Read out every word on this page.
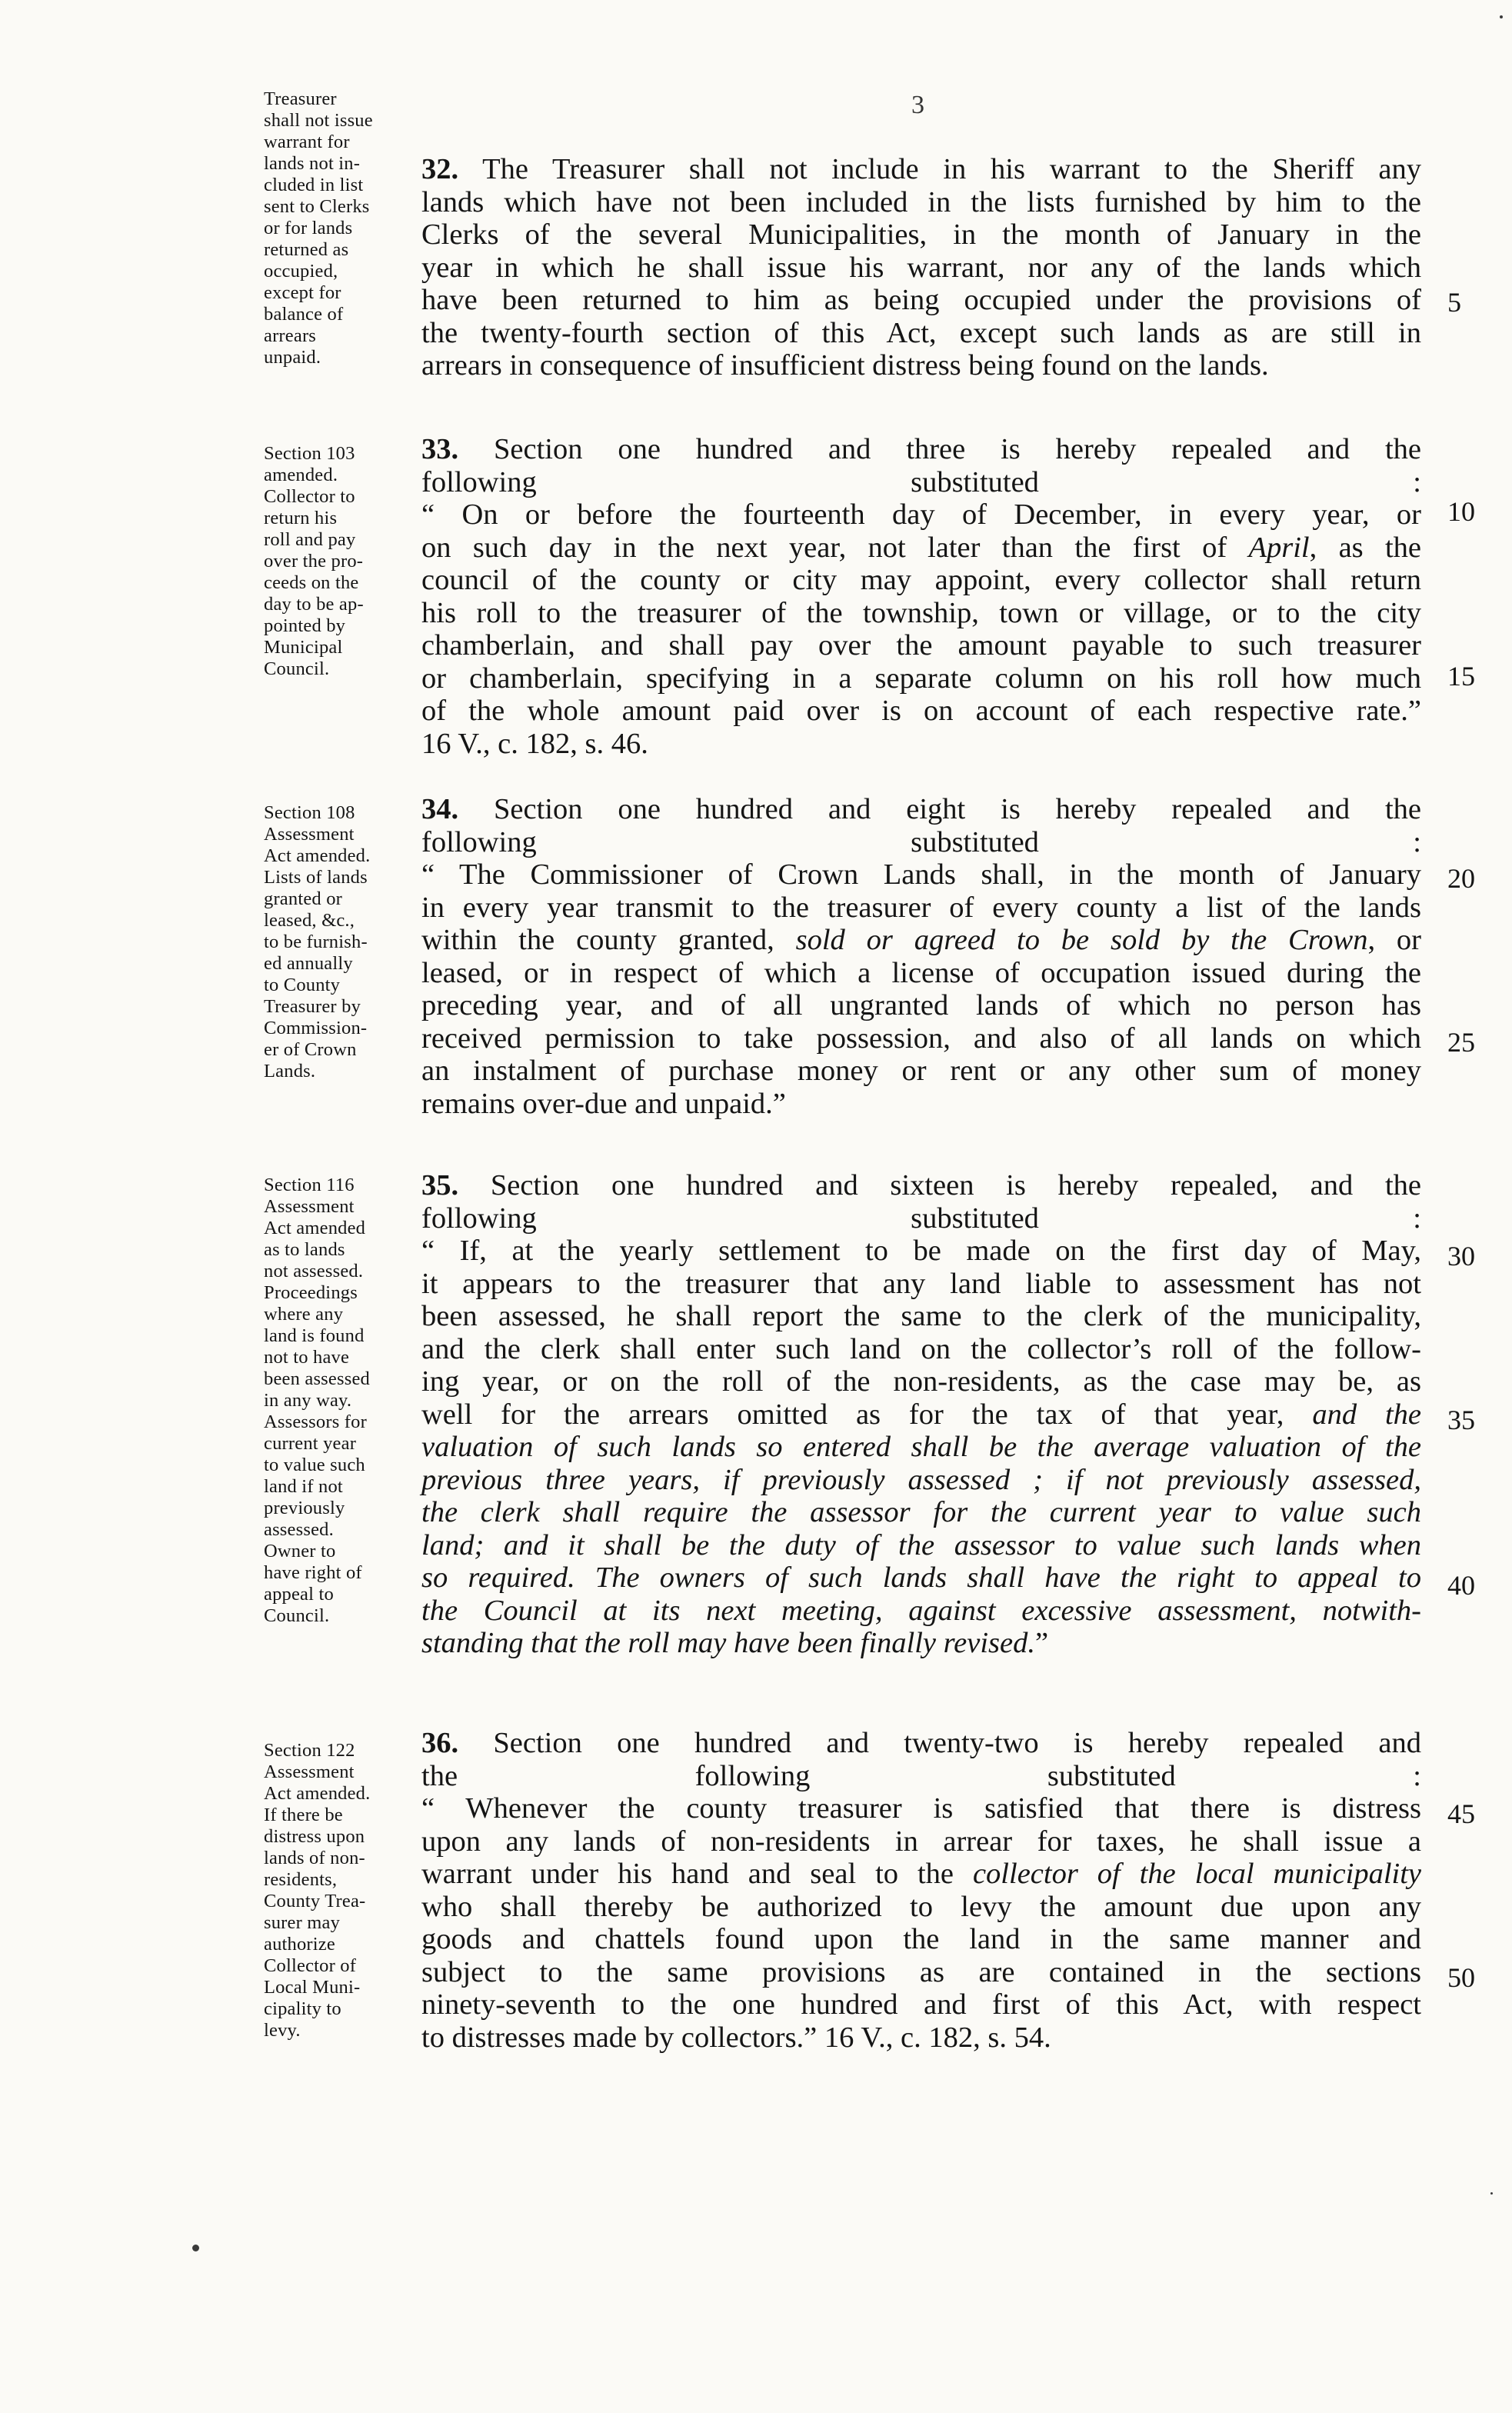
3
Treasurer
shall not issue
warrant for
lands not in-
cluded in list
sent to Clerks
or for lands
returned as
occupied,
except for
balance of
arrears
unpaid.
32. The Treasurer shall not include in his warrant to the Sheriff any
lands which have not been included in the lists furnished by him to the
Clerks of the several Municipalities, in the month of January in the
year in which he shall issue his warrant, nor any of the lands which
have been returned to him as being occupied under the provisions of
the twenty-fourth section of this Act, except such lands as are still in
arrears in consequence of insufficient distress being found on the lands.
Section 103
amended.
Collector to
return his
roll and pay
over the pro-
ceeds on the
day to be ap-
pointed by
Municipal
Council.
33. Section one hundred and three is hereby repealed and the
following substituted :
“ On or before the fourteenth day of December, in every year, or
on such day in the next year, not later than the first of April, as the
council of the county or city may appoint, every collector shall return
his roll to the treasurer of the township, town or village, or to the city
chamberlain, and shall pay over the amount payable to such treasurer
or chamberlain, specifying in a separate column on his roll how much
of the whole amount paid over is on account of each respective rate.”
16 V., c. 182, s. 46.
Section 108
Assessment
Act amended.
Lists of lands
granted or
leased, &c.,
to be furnish-
ed annually
to County
Treasurer by
Commission-
er of Crown
Lands.
34. Section one hundred and eight is hereby repealed and the
following substituted :
“ The Commissioner of Crown Lands shall, in the month of January
in every year transmit to the treasurer of every county a list of the lands
within the county granted, sold or agreed to be sold by the Crown, or
leased, or in respect of which a license of occupation issued during the
preceding year, and of all ungranted lands of which no person has
received permission to take possession, and also of all lands on which
an instalment of purchase money or rent or any other sum of money
remains over-due and unpaid.”
Section 116
Assessment
Act amended
as to lands
not assessed.
Proceedings
where any
land is found
not to have
been assessed
in any way.
Assessors for
current year
to value such
land if not
previously
assessed.
Owner to
have right of
appeal to
Council.
35. Section one hundred and sixteen is hereby repealed, and the
following substituted :
“ If, at the yearly settlement to be made on the first day of May,
it appears to the treasurer that any land liable to assessment has not
been assessed, he shall report the same to the clerk of the municipality,
and the clerk shall enter such land on the collector’s roll of the follow-
ing year, or on the roll of the non-residents, as the case may be, as
well for the arrears omitted as for the tax of that year, and the
valuation of such lands so entered shall be the average valuation of the
previous three years, if previously assessed ; if not previously assessed,
the clerk shall require the assessor for the current year to value such
land; and it shall be the duty of the assessor to value such lands when
so required. The owners of such lands shall have the right to appeal to
the Council at its next meeting, against excessive assessment, notwith-
standing that the roll may have been finally revised.”
Section 122
Assessment
Act amended.
If there be
distress upon
lands of non-
residents,
County Trea-
surer may
authorize
Collector of
Local Muni-
cipality to
levy.
36. Section one hundred and twenty-two is hereby repealed and
the following substituted :
“ Whenever the county treasurer is satisfied that there is distress
upon any lands of non-residents in arrear for taxes, he shall issue a
warrant under his hand and seal to the collector of the local municipality
who shall thereby be authorized to levy the amount due upon any
goods and chattels found upon the land in the same manner and
subject to the same provisions as are contained in the sections
ninety-seventh to the one hundred and first of this Act, with respect
to distresses made by collectors.” 16 V., c. 182, s. 54.
5
10
15
20
25
30
35
40
45
50
